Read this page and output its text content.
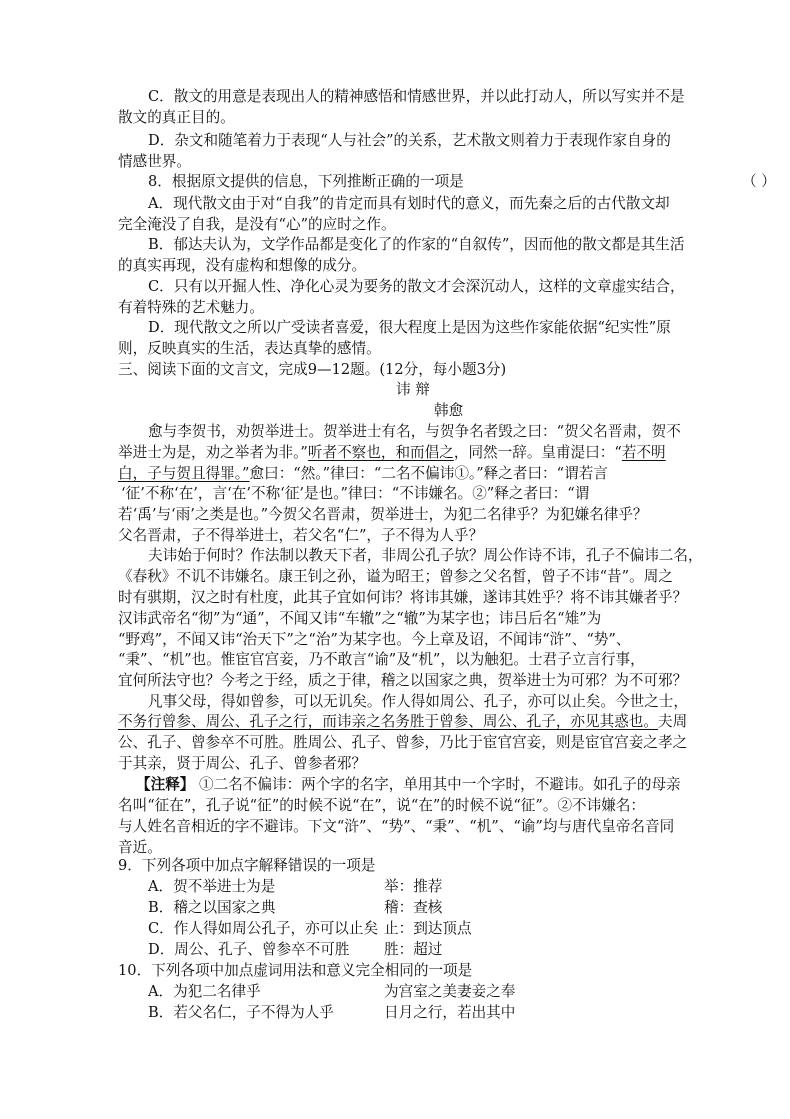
C．散文的用意是表现出人的精神感悟和情感世界，并以此打动人，所以写实并不是
散文的真正目的。
D．杂文和随笔着力于表现“人与社会”的关系，艺术散文则着力于表现作家自身的
情感世界。
8．根据原文提供的信息，下列推断正确的一项是	（ ）
A．现代散文由于对“自我”的肯定而具有划时代的意义，而先秦之后的古代散文却
完全淹没了自我，是没有“心”的应时之作。
B．郁达夫认为，文学作品都是变化了的作家的“自叙传”，因而他的散文都是其生活
的真实再现，没有虚构和想像的成分。
C．只有以开掘人性、净化心灵为要务的散文才会深沉动人，这样的文章虚实结合，
有着特殊的艺术魅力。
D．现代散文之所以广受读者喜爱，很大程度上是因为这些作家能依据“纪实性”原
则，反映真实的生活，表达真挚的感情。
三、阅读下面的文言文，完成9—12题。(12分，每小题3分)
讳 辩
韩愈
愈与李贺书，劝贺举进士。贺举进士有名，与贺争名者毁之曰：“贺父名晋肃，贺不
举进士为是，劝之举者为非。”听者不察也，和而倡之，同然一辞。皇甫湜曰：“若不明
白，子与贺且得罪。”愈曰：“然。”律曰：“二名不偏讳①。”释之者曰：“谓若言
‘征’不称‘在’，言‘在’不称‘征’是也。”律曰：“不讳嫌名。②”释之者曰：“谓
若‘禹’与‘雨’之类是也。”今贺父名晋肃，贺举进士，为犯二名律乎？为犯嫌名律乎？
父名晋肃，子不得举进士，若父名“仁”，子不得为人乎？
夫讳始于何时？作法制以教天下者，非周公孔子欤？周公作诗不讳，孔子不偏讳二名，
《春秋》不讥不讳嫌名。康王钊之孙，谥为昭王；曾参之父名皙，曾子不讳“昔”。周之
时有骐期，汉之时有杜度，此其子宜如何讳？将讳其嫌，遂讳其姓乎？将不讳其嫌者乎？
汉讳武帝名“彻”为“通”，不闻又讳“车辙”之“辙”为某字也；讳吕后名“雉”为
“野鸡”，不闻又讳“治天下”之“治”为某字也。今上章及诏，不闻讳“浒”、“势”、
“秉”、“机”也。惟宦官宫妾，乃不敢言“谕”及“机”，以为触犯。士君子立言行事，
宜何所法守也？今考之于经，质之于律，稽之以国家之典，贺举进士为可邪？为不可邪？
凡事父母，得如曾参，可以无讥矣。作人得如周公、孔子，亦可以止矣。今世之士，
不务行曾参、周公、孔子之行，而讳亲之名务胜于曾参、周公、孔子，亦见其惑也。夫周
公、孔子、曾参卒不可胜。胜周公、孔子、曾参，乃比于宦官宫妾，则是宦官宫妾之孝之
于其亲，贤于周公、孔子、曾参者邪？
【注释】 ①二名不偏讳：两个字的名字，单用其中一个字时，不避讳。如孔子的母亲
名叫“征在”，孔子说“征”的时候不说“在”，说“在”的时候不说“征”。②不讳嫌名：
与人姓名音相近的字不避讳。下文“浒”、“势”、“秉”、“机”、“谕”均与唐代皇帝名音同
音近。
9．下列各项中加点字解释错误的一项是
A．贺不举进士为是	举：推荐
B．稽之以国家之典	稽：查核
C．作人得如周公孔子，亦可以止矣 止：到达顶点
D．周公、孔子、曾参卒不可胜 胜：超过
10．下列各项中加点虚词用法和意义完全相同的一项是
A．为犯二名律乎	为宫室之美妻妾之奉
B．若父名仁，子不得为人乎	日月之行，若出其中
